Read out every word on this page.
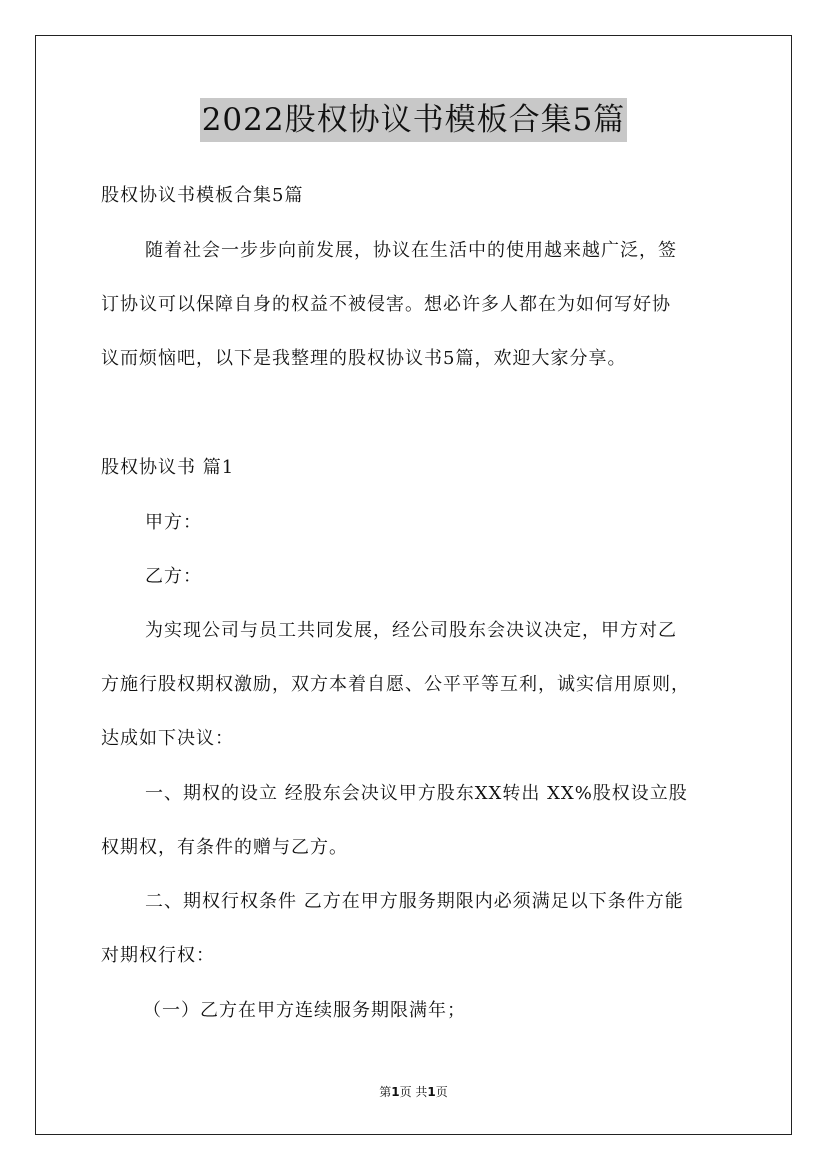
2022股权协议书模板合集5篇
股权协议书模板合集5篇
随着社会一步步向前发展，协议在生活中的使用越来越广泛，签
订协议可以保障自身的权益不被侵害。想必许多人都在为如何写好协
议而烦恼吧，以下是我整理的股权协议书5篇，欢迎大家分享。
股权协议书 篇1
甲方：
乙方：
为实现公司与员工共同发展，经公司股东会决议决定，甲方对乙
方施行股权期权激励，双方本着自愿、公平平等互利，诚实信用原则，
达成如下决议：
一、期权的设立 经股东会决议甲方股东XX转出 XX%股权设立股
权期权，有条件的赠与乙方。
二、期权行权条件 乙方在甲方服务期限内必须满足以下条件方能
对期权行权：
（一）乙方在甲方连续服务期限满年；
第1页 共1页
